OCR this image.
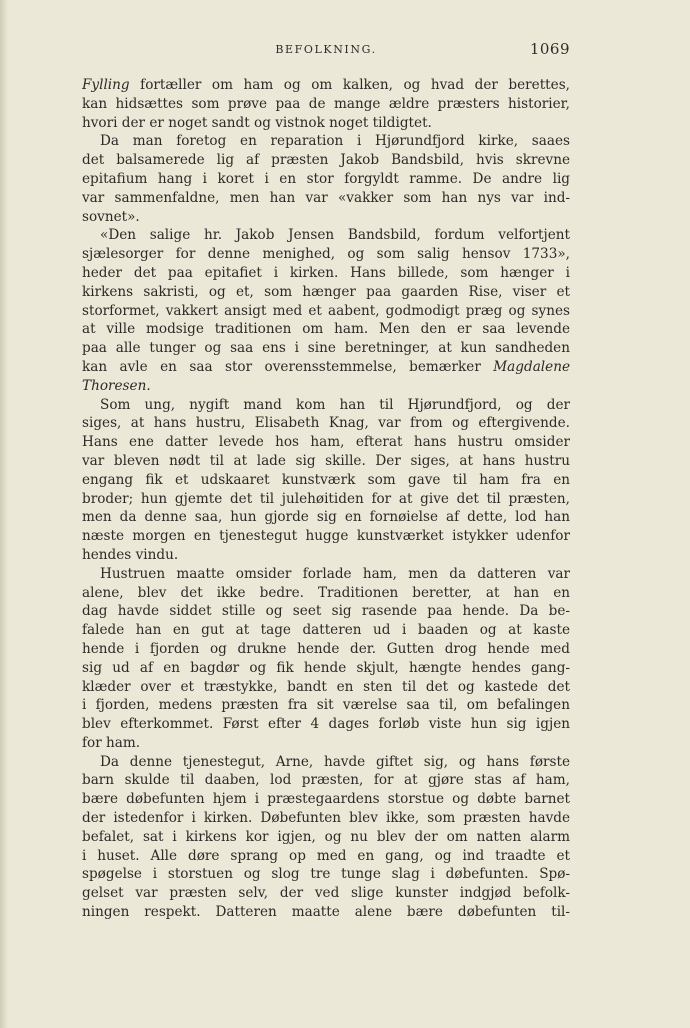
BEFOLKNING.	1069

Fylling fortæller om ham og om kalken, og hvad der berettes,
kan hidsættes som prøve paa de mange ældre præsters historier,
hvori der er noget sandt og vistnok noget tildigtet.

Da man foretog en reparation i Hjørundfjord kirke, saaes
det balsamerede lig af præsten Jakob Bandsbild, hvis skrevne
epitafium hang i koret i en stor forgyldt ramme. De andre lig
var sammenfaldne, men han var «vakker som han nys var ind-
sovnet».

«Den salige hr. Jakob Jensen Bandsbild, fordum velfortjent
sjælesorger for denne menighed, og som salig hensov 1733»,
heder det paa epitafiet i kirken. Hans billede, som hænger i
kirkens sakristi, og et, som hænger paa gaarden Rise, viser et
storformet, vakkert ansigt med et aabent, godmodigt præg og synes
at ville modsige traditionen om ham. Men den er saa levende
paa alle tunger og saa ens i sine beretninger, at kun sandheden
kan avle en saa stor overensstemmelse, bemærker Magdalene
Thoresen.

Som ung, nygift mand kom han til Hjørundfjord, og der
siges, at hans hustru, Elisabeth Knag, var from og eftergivende.
Hans ene datter levede hos ham, efterat hans hustru omsider
var bleven nødt til at lade sig skille. Der siges, at hans hustru
engang fik et udskaaret kunstværk som gave til ham fra en
broder; hun gjemte det til julehøitiden for at give det til præsten,
men da denne saa, hun gjorde sig en fornøielse af dette, lod han
næste morgen en tjenestegut hugge kunstværket istykker udenfor
hendes vindu.

Hustruen maatte omsider forlade ham, men da datteren var
alene, blev det ikke bedre. Traditionen beretter, at han en
dag havde siddet stille og seet sig rasende paa hende. Da be-
falede han en gut at tage datteren ud i baaden og at kaste
hende i fjorden og drukne hende der. Gutten drog hende med
sig ud af en bagdør og fik hende skjult, hængte hendes gang-
klæder over et træstykke, bandt en sten til det og kastede det
i fjorden, medens præsten fra sit værelse saa til, om befalingen
blev efterkommet. Først efter 4 dages forløb viste hun sig igjen
for ham.

Da denne tjenestegut, Arne, havde giftet sig, og hans første
barn skulde til daaben, lod præsten, for at gjøre stas af ham,
bære døbefunten hjem i præstegaardens storstue og døbte barnet
der istedenfor i kirken. Døbefunten blev ikke, som præsten havde
befalet, sat i kirkens kor igjen, og nu blev der om natten alarm
i huset. Alle døre sprang op med en gang, og ind traadte et
spøgelse i storstuen og slog tre tunge slag i døbefunten. Spø-
gelset var præsten selv, der ved slige kunster indgjød befolk-
ningen respekt. Datteren maatte alene bære døbefunten til-
